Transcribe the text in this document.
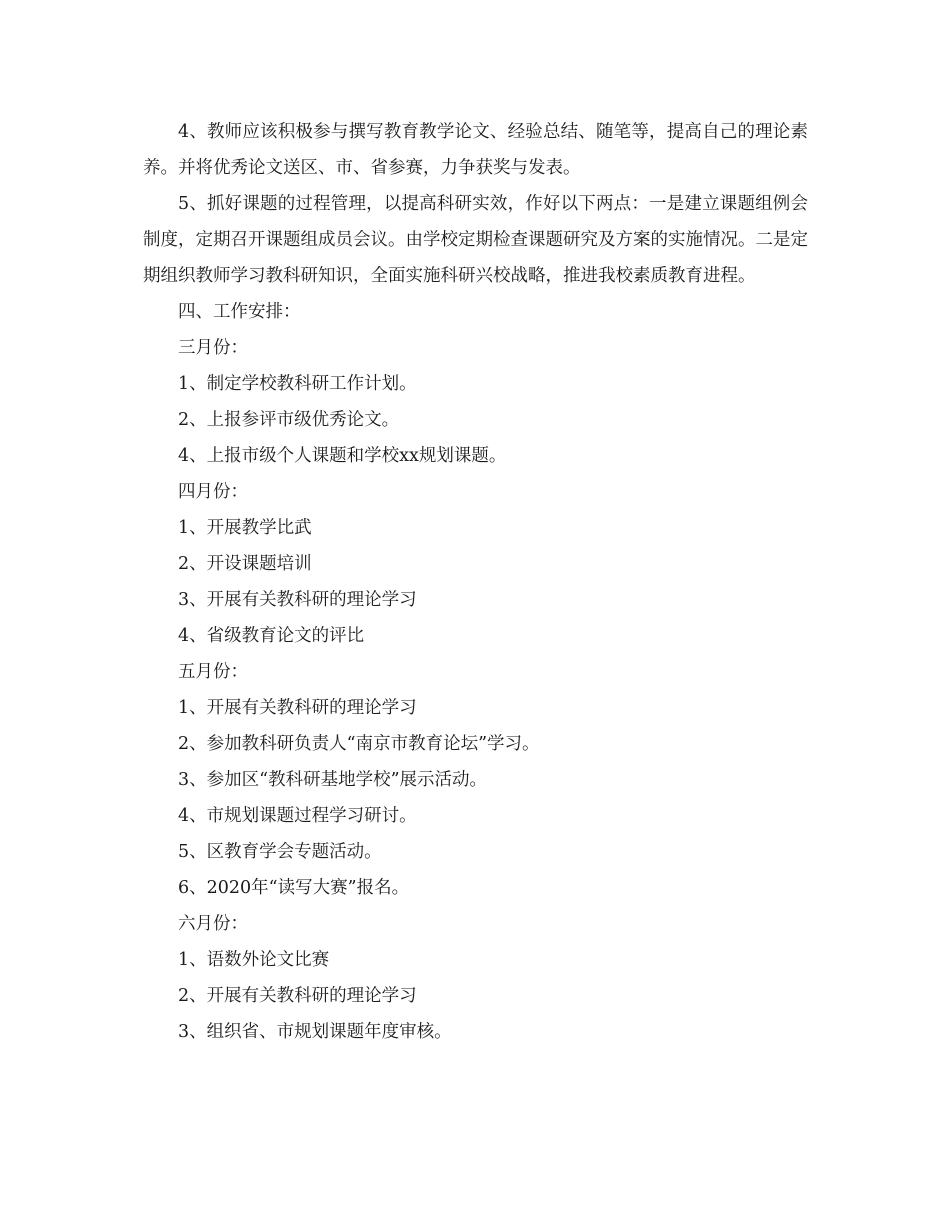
4、教师应该积极参与撰写教育教学论文、经验总结、随笔等，提高自己的理论素养。并将优秀论文送区、市、省参赛，力争获奖与发表。

5、抓好课题的过程管理，以提高科研实效，作好以下两点：一是建立课题组例会制度，定期召开课题组成员会议。由学校定期检查课题研究及方案的实施情况。二是定期组织教师学习教科研知识，全面实施科研兴校战略，推进我校素质教育进程。

四、工作安排：

三月份：

1、制定学校教科研工作计划。

2、上报参评市级优秀论文。

4、上报市级个人课题和学校xx规划课题。

四月份：

1、开展教学比武

2、开设课题培训

3、开展有关教科研的理论学习

4、省级教育论文的评比

五月份：

1、开展有关教科研的理论学习

2、参加教科研负责人“南京市教育论坛”学习。

3、参加区“教科研基地学校”展示活动。

4、市规划课题过程学习研讨。

5、区教育学会专题活动。

6、2020年“读写大赛”报名。

六月份：

1、语数外论文比赛

2、开展有关教科研的理论学习

3、组织省、市规划课题年度审核。
